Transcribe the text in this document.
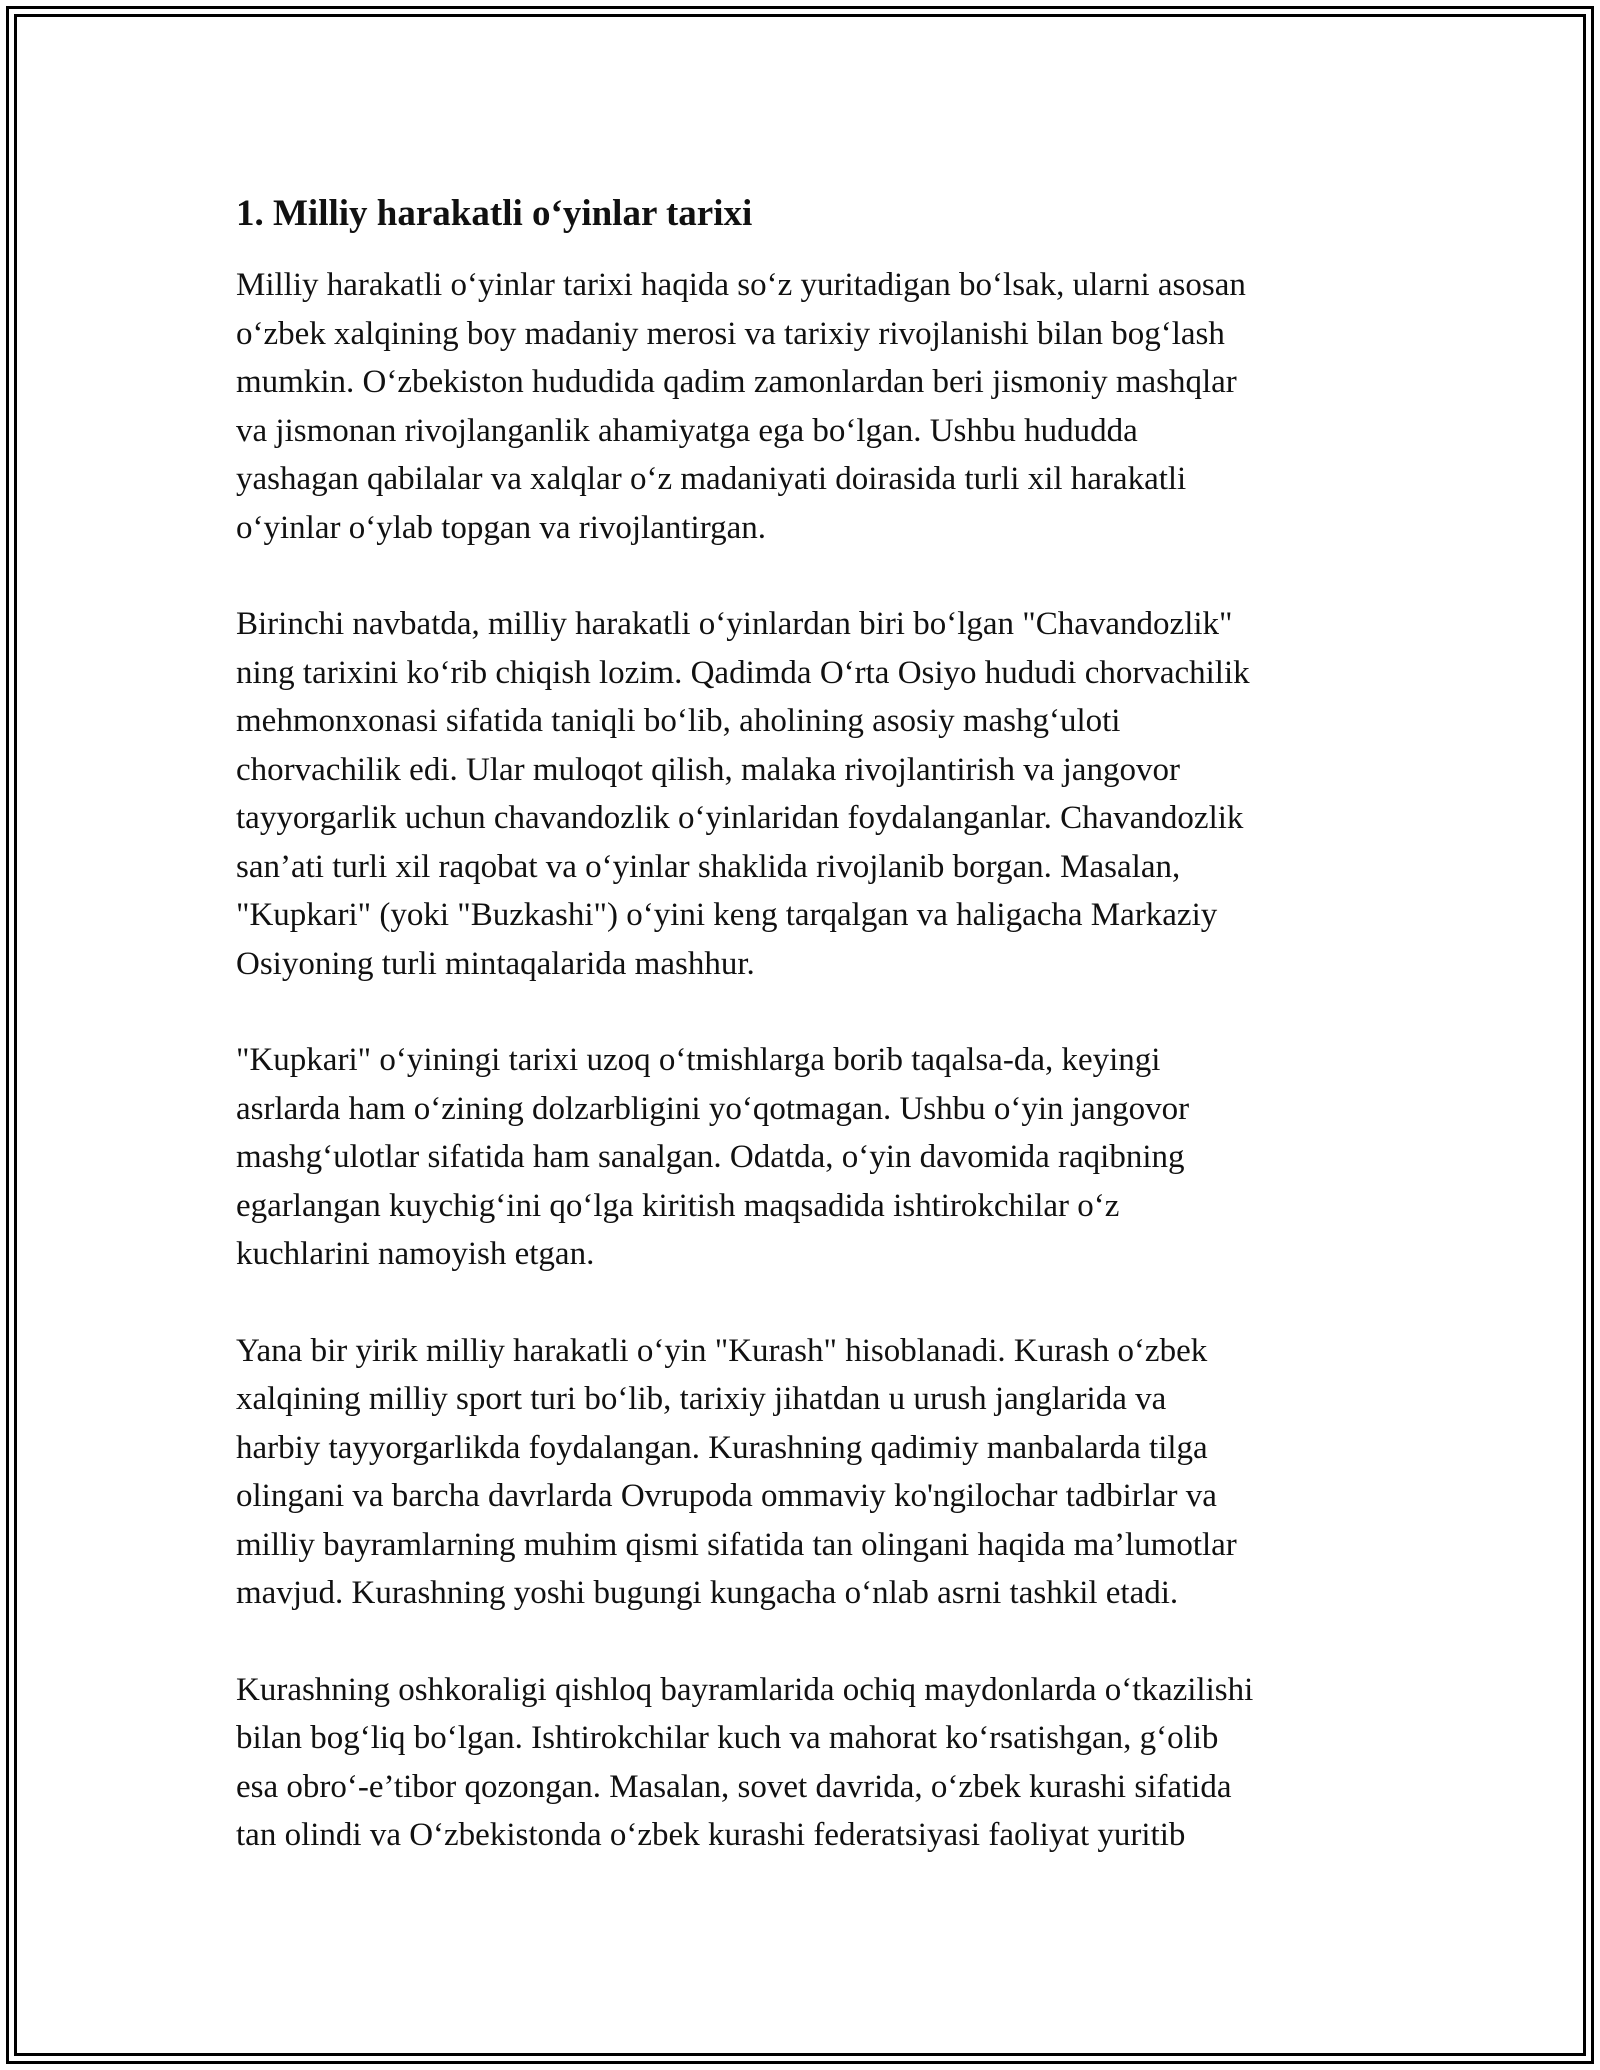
1. Milliy harakatli o‘yinlar tarixi

Milliy harakatli o‘yinlar tarixi haqida so‘z yuritadigan bo‘lsak, ularni asosan
o‘zbek xalqining boy madaniy merosi va tarixiy rivojlanishi bilan bog‘lash
mumkin. O‘zbekiston hududida qadim zamonlardan beri jismoniy mashqlar
va jismonan rivojlanganlik ahamiyatga ega bo‘lgan. Ushbu hududda
yashagan qabilalar va xalqlar o‘z madaniyati doirasida turli xil harakatli
o‘yinlar o‘ylab topgan va rivojlantirgan.

Birinchi navbatda, milliy harakatli o‘yinlardan biri bo‘lgan "Chavandozlik"
ning tarixini ko‘rib chiqish lozim. Qadimda O‘rta Osiyo hududi chorvachilik
mehmonxonasi sifatida taniqli bo‘lib, aholining asosiy mashg‘uloti
chorvachilik edi. Ular muloqot qilish, malaka rivojlantirish va jangovor
tayyorgarlik uchun chavandozlik o‘yinlaridan foydalanganlar. Chavandozlik
san’ati turli xil raqobat va o‘yinlar shaklida rivojlanib borgan. Masalan,
"Kupkari" (yoki "Buzkashi") o‘yini keng tarqalgan va haligacha Markaziy
Osiyoning turli mintaqalarida mashhur.

"Kupkari" o‘yiningi tarixi uzoq o‘tmishlarga borib taqalsa-da, keyingi
asrlarda ham o‘zining dolzarbligini yo‘qotmagan. Ushbu o‘yin jangovor
mashg‘ulotlar sifatida ham sanalgan. Odatda, o‘yin davomida raqibning
egarlangan kuychig‘ini qo‘lga kiritish maqsadida ishtirokchilar o‘z
kuchlarini namoyish etgan.

Yana bir yirik milliy harakatli o‘yin "Kurash" hisoblanadi. Kurash o‘zbek
xalqining milliy sport turi bo‘lib, tarixiy jihatdan u urush janglarida va
harbiy tayyorgarlikda foydalangan. Kurashning qadimiy manbalarda tilga
olingani va barcha davrlarda Ovrupoda ommaviy ko'ngilochar tadbirlar va
milliy bayramlarning muhim qismi sifatida tan olingani haqida ma’lumotlar
mavjud. Kurashning yoshi bugungi kungacha o‘nlab asrni tashkil etadi.

Kurashning oshkoraligi qishloq bayramlarida ochiq maydonlarda o‘tkazilishi
bilan bog‘liq bo‘lgan. Ishtirokchilar kuch va mahorat ko‘rsatishgan, g‘olib
esa obro‘-e’tibor qozongan. Masalan, sovet davrida, o‘zbek kurashi sifatida
tan olindi va O‘zbekistonda o‘zbek kurashi federatsiyasi faoliyat yuritib
